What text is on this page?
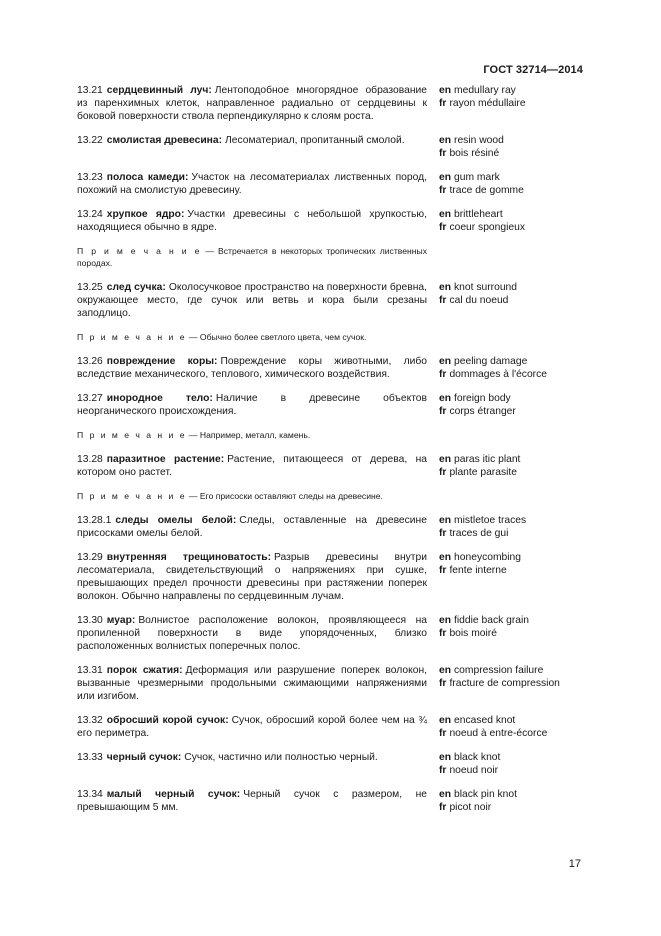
ГОСТ 32714—2014
13.21 сердцевинный луч: Лентоподобное многорядное образование из паренхимных клеток, направленное радиально от сердцевины к боковой поверхности ствола перпендикулярно к слоям роста.
en medullary ray
fr rayon médullaire
13.22 смолистая древесина: Лесоматериал, пропитанный смолой.	en resin wood
fr bois résiné
13.23 полоса камеди: Участок на лесоматериалах лиственных пород, похожий на смолистую древесину.
en gum mark
fr trace de gomme
13.24 хрупкое ядро: Участки древесины с небольшой хрупкостью, находящиеся обычно в ядре.
en brittleheart
fr coeur spongieux
П р и м е ч а н и е — Встречается в некоторых тропических лиственных породах.
13.25 след сучка: Околосучковое пространство на поверхности бревна, окружающее место, где сучок или ветвь и кора были срезаны заподлицо.
en knot surround
fr cal du noeud
П р и м е ч а н и е — Обычно более светлого цвета, чем сучок.
13.26 повреждение коры: Повреждение коры животными, либо вследствие механического, теплового, химического воздействия.
en peeling damage
fr dommages à l'écorce
13.27 инородное тело: Наличие в древесине объектов неорганического происхождения.
en foreign body
fr corps étranger
П р и м е ч а н и е — Например, металл, камень.
13.28 паразитное растение: Растение, питающееся от дерева, на котором оно растет.
en paras itic plant
fr plante parasite
П р и м е ч а н и е — Его присоски оставляют следы на древесине.
13.28.1 следы омелы белой: Следы, оставленные на древесине присосками омелы белой.
en mistletoe traces
fr traces de gui
13.29 внутренняя трещиноватость: Разрыв древесины внутри лесоматериала, свидетельствующий о напряжениях при сушке, превышающих предел прочности древесины при растяжении поперек волокон. Обычно направлены по сердцевинным лучам.
en honeycombing
fr fente interne
13.30 муар: Волнистое расположение волокон, проявляющееся на пропиленной поверхности в виде упорядоченных, близко расположенных волнистых поперечных полос.
en fiddie back grain
fr bois moiré
13.31 порок сжатия: Деформация или разрушение поперек волокон, вызванные чрезмерными продольными сжимающими напряжениями или изгибом.
en compression failure
fr fracture de compression
13.32 обросший корой сучок: Сучок, обросший корой более чем на ¾ его периметра.
en encased knot
fr noeud à entre-écorce
13.33 черный сучок: Сучок, частично или полностью черный.	en black knot
fr noeud noir
13.34 малый черный сучок: Черный сучок с размером, не превышающим 5 мм.
en black pin knot
fr picot noir
17
